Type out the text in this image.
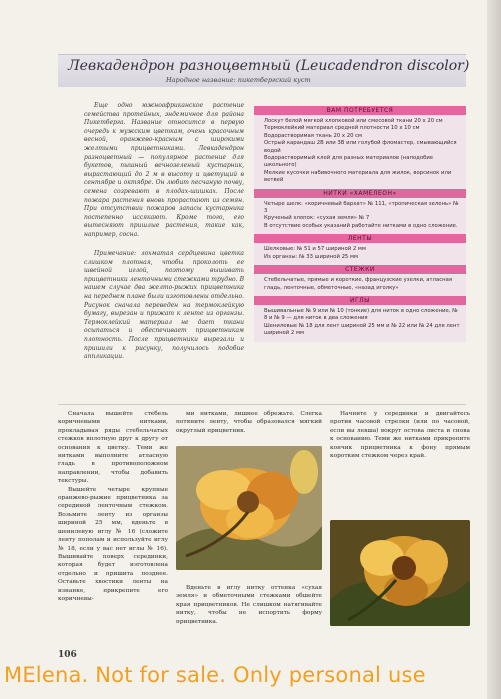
Левкадендрон разноцветный (Leucadendron discolor)
Народное название: пикетбергский куст

Еще одно южноафриканское растение семейства протейных, эндемичное для района Пикетберга. Название относится в первую очередь к мужским цветкам, очень красочным весной, оранжево-красным с широкими желтыми прицветниками. Левкадендрон разноцветный — популярное растение для букетов, пышный вечнозеленый кустарник, вырастающий до 2 м в высоту и цветущий в сентябре и октябре. Он любит песчаную почву, семена созревают в плодах-шишках. После пожара растения вновь прорастают из семян. При отсутствии пожаров запасы кустарника постепенно иссякают. Кроме того, его вытесняют пришлые растения, такие как, например, сосна.

Примечание: лохматая сердцевина цветка слишком плотная, чтобы проколоть ее швейной иглой, поэтому вышивать прицветники ленточными стежками трудно. В нашем случае два желто-рыжих прицветника на переднем плане были изготовлены отдельно. Рисунок сначала переведен на термоклейкую бумагу, вырезан и прижат к ленте из органзы. Термоклейкий материал не дает ткани осыпаться и обеспечивает прицветникам плотность. После прицветники вырезали и пришили к рисунку, получилось подобие аппликации.

ВАМ ПОТРЕБУЕТСЯ
Лоскут белой мягкой хлопковой или смесовой ткани 20 х 20 см
Термоклейкий материал средней плотности 10 х 10 см
Водорастворимая ткань 20 х 20 см
Острый карандаш 2В или 3В или голубой фломастер, смывающийся водой
Водорастворимый клей для разных материалов (наподобие школьного)
Мелкие кусочки набивочного материала для жилок, ворсинок или ветвей
НИТКИ «ХАМЕЛЕОН»
Четыре шелк: «коричневый бархат» № 111, «тропическая зелень» № 3
Крученый хлопок: «сухая земля» № 7
В отсутствие особых указаний работайте нитками в одно сложение.
ЛЕНТЫ
Шелковые: № 51 и 57 шириной 2 мм
Из органзы: № 33 шириной 25 мм
СТЕЖКИ
Стебельчатые, прямые и короткие, французские узелки, атласная гладь, ленточные, обметочные, «назад иголку»
ИГЛЫ
Вышивальные № 9 или № 10 (тонкие) для ниток в одно сложение, № 8 и № 9 — для ниток в два сложения
Шенилевые № 18 для лент шириной 25 мм и № 22 или № 24 для лент шириной 2 мм

Сначала вышейте стебель коричневыми нитками, прокладывая ряды стебельчатых стежков вплотную друг к другу от основания к цветку. Теми же нитками выполните атласную гладь в противоположном направлении, чтобы добавить текстуры.

Вышейте четыре крупные оранжево-рыжие прицветника за серединой ленточным стежком. Возьмите ленту из органзы шириной 25 мм, вденьте в шенилевую иглу № 16 (сложите ленту пополам и используйте иглу № 18, если у вас нет иглы № 16). Вышивайте поверх серединки, которая будет изготовлена отдельно и пришита позднее. Оставьте хвостики ленты на изнанке, прикрепите его коричневы-

ми нитками, лишнее обрежьте. Слегка потяните ленту, чтобы образовался мягкий округлый прицветник.

Вденьте в иглу нитку оттенка «сухая земля» и обметочными стежками обшейте края прицветников. Не слишком натягивайте нитку, чтобы не испортить форму прицветника.

Начните у серединки и двигайтесь против часовой стрелки (или по часовой, если вы левша) вокруг остова листа и снова к основанию. Теми же нитками прикрепите кончик прицветника к фону прямым коротким стежком через край.

106
MElena. Not for sale. Only personal use
